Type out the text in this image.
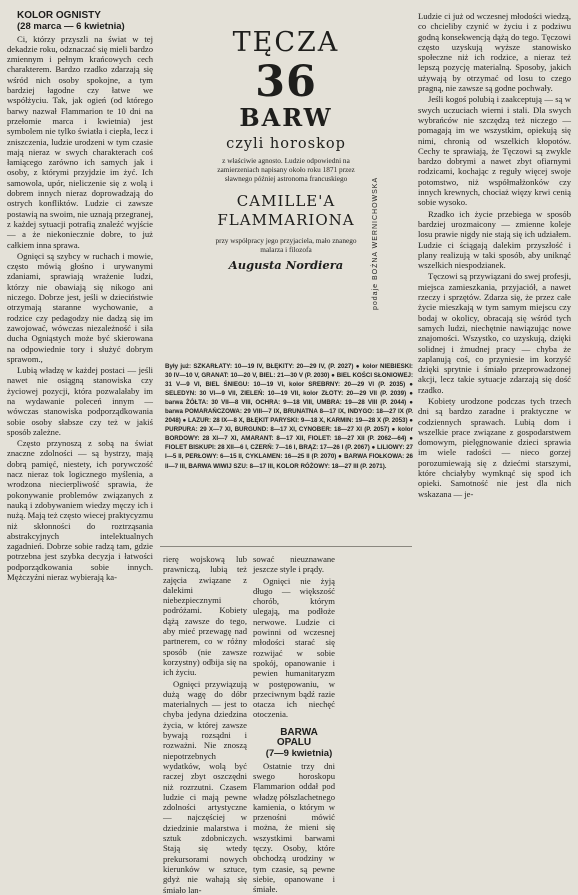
KOLOR OGNISTY

(28 marca — 6 kwietnia)

Ci, którzy przyszli na świat w tej dekadzie roku, odznaczać się mieli bardzo zmiennym i pełnym krańcowych cech charakterem. Bardzo rzadko zdarzają się wśród nich osoby spokojne, a tym bardziej łagodne czy łatwe we współżyciu. Tak, jak ogień (od którego barwy nazwał Flammarion te 10 dni na przełomie marca i kwietnia) jest symbolem nie tylko światła i ciepła, lecz i zniszczenia, ludzie urodzeni w tym czasie mają nieraz w swych charakterach coś łamiącego zarówno ich samych jak i osoby, z którymi przyjdzie im żyć. Ich samowola, upór, nieliczenie się z wolą i dobrem innych nieraz doprowadzają do ostrych konfliktów. Ludzie ci zawsze postawią na swoim, nie uznają przegranej, z każdej sytuacji potrafią znaleźć wyjście — a że niekoniecznie dobre, to już całkiem inna sprawa.

Ognięci są szybcy w ruchach i mowie, często mówią głośno i urywanymi zdaniami, sprawiają wrażenie ludzi, którzy nie obawiają się nikogo ani niczego. Dobrze jest, jeśli w dzieciństwie otrzymają staranne wychowanie, a rodzice czy pedagodzy nie dadzą się im zawojować, wówczas niezależność i siła ducha Ogniąstych może być skierowana na odpowiednie tory i służyć dobrym sprawom.,

Lubią władzę w każdej postaci — jeśli nawet nie osiągną stanowiska czy życiowej pozycji, która pozwalałaby im na wydawanie poleceń innym — wówczas stanowiska podporządkowania sobie osoby słabsze czy też w jakiś sposób zależne.

Często przynoszą z sobą na świat znaczne zdolności — są bystrzy, mają dobrą pamięć, niestety, ich porywczość nacz nieraz tok logicznego myślenia, a wrodzona niecierpliwość sprawia, że pokonywanie problemów związanych z nauką i zdobywaniem wiedzy męczy ich i nużą. Mają też często wiecej praktycyzmu niż skłonności do roztrząsania abstrakcyjnych intelektualnych zagadnień. Dobrze sobie radzą tam, gdzie potrzebna jest szybka decyzja i łatwości podporządkowania sobie innych. Mężczyźni nieraz wybierają ka-

TĘCZA
36
BARW
czyli horoskop
z właściwie agnosto. Ludzie odpowiedni na zamierzeniach napisany około roku 1871 przez sławnego później astronoma francuskiego
CAMILLE'A
FLAMMARIONA
przy współpracy jego przyjaciela, mało znanego malarza i filozofa
Augusta Nordiera	podaje BOŻNA WERNICHOWSKA
Były już: SZKARŁATY: 10—19 IV, BŁĘKITY: 20—29 IV, (P. 2027) ● kolor NIEBIESKI: 30 IV—10 V, GRANAT: 10—20 V, BIEL: 21—30 V (P. 2030) ● BIEL KOŚCI SŁONIOWEJ: 31 V—9 VI, BIEL ŚNIEGU: 10—19 VI, kolor SREBRNY: 20—29 VI (P. 2035) ● SELEDYN: 30 VI—9 VII, ZIELEŃ: 10—19 VII, kolor ZŁOTY: 20—29 VII (P. 2039) ● barwa ŻÓŁTA: 30 VII—8 VIII, OCHRA: 9—18 VIII, UMBRA: 19—28 VIII (P. 2044) ● barwa POMARAŃCZOWA: 29 VIII—7 IX, BRUNATNA 8—17 IX, INDYGO: 18—27 IX (P. 2048) ● LAZUR: 28 IX—8 X, BŁĘKIT PARYSKI: 9—18 X, KARMIN: 19—28 X (P. 2053) ● PURPURA: 29 X—7 XI, BURGUND: 8—17 XI, CYNOBER: 18—27 XI (P. 2057) ● kolor BORDOWY: 28 XI—7 XI, AMARANT: 8—17 XII, FIOLET: 18—27 XII (P. 2062—64) ● FIOLET BISKUPI: 28 XII—6 I, CZERŃ: 7—16 I, BRĄZ: 17—26 I (P. 2067) ● LILIOWY: 27 I—5 II, PERŁOWY: 6—15 II, CYKLAMEN: 16—25 II (P. 2070) ● BARWA FIOŁKOWA: 26 II—7 III, BARWA WIWIJ SZU: 8—17 III, KOLOR RÓŻOWY: 18—27 III (P. 2071).

rierę wojskową lub prawniczą, lubią też zajęcia związane z dalekimi niebezpiecznymi podróżami. Kobiety dążą zawsze do tego, aby mieć przewagę nad partnerem, co w różny sposób (nie zawsze korzystny) odbija się na ich życiu.

Ognięci przywiązują dużą wagę do dóbr materialnych — jest to chyba jedyna dziedzina życia, w której zawsze bywają rozsądni i rozważni. Nie znoszą niepotrzebnych wydatków, wolą być raczej zbyt oszczędni niż rozrzutni. Czasem ludzie ci mają pewne zdolności artystyczne — najczęściej w dziedzinie malarstwa i sztuk zdobniczych. Stają się wtedy prekursorami nowych kierunków w sztuce, gdyż nie wahają się śmiało lan-

sować nieuznawane jeszcze style i prądy.

Ognięci nie żyją długo — większość chorób, którym ulegają, ma podłoże nerwowe. Ludzie ci powinni od wczesnej młodości starać się rozwijać w sobie spokój, opanowanie i pewien humanitaryzm w postępowaniu, w przeciwnym bądź razie otacza ich niechęć otoczenia.

BARWA OPALU

(7—9 kwietnia)

Ostatnie trzy dni swego horoskopu Flammarion oddał pod władzę półszlachetnego kamienia, o którym w przenośni mówić można, że mieni się wszystkimi barwami tęczy. Osoby, które obchodzą urodziny w tym czasie, są pewne siebie, opanowane i śmiałe.

Ludzie ci już od wczesnej młodości wiedzą, co chcieliby czynić w życiu i z podziwu godną konsekwencją dążą do tego. Tęczowi często uzyskują wyższe stanowisko społeczne niż ich rodzice, a nieraz też lepszą pozycję materialną. Sposoby, jakich używają by otrzymać od losu to czego pragną, nie zawsze są godne pochwały.

Jeśli kogoś polubią i zaakceptują — są w swych uczuciach wierni i stali. Dla swych wybrańców nie szczędzą też niczego — pomagają im we wszystkim, opiekują się nimi, chronią od wszelkich kłopotów. Cechy te sprawiają, że Tęczowi są zwykle bardzo dobrymi a nawet zbyt ofiarnymi rodzicami, kochając z reguły więcej swoje potomstwo, niż współmałżonków czy innych krewnych, chociaż więzy krwi cenią sobie wysoko.

Rzadko ich życie przebiega w sposób bardziej urozmaicony — zmienne koleje losu prawie nigdy nie stają się ich udziałem. Ludzie ci ściągają dalekim przyszłość i plany realizują w taki sposób, aby uniknąć wszelkich niespodzianek.

Tęczowi są przywiązani do swej profesji, miejsca zamieszkania, przyjaciół, a nawet rzeczy i sprzętów. Zdarza się, że przez całe życie mieszkają w tym samym miejscu czy bodaj w okolicy, obracają się wśród tych samych ludzi, niechętnie nawiązując nowe znajomości. Wszystko, co uzyskują, dzięki solidnej i żmudnej pracy — chyba że zaplanują coś, co przyniesie im korzyść dzięki sprytnie i śmiało przeprowadzonej akcji, lecz takie sytuacje zdarzają się dość rzadko.

Kobiety urodzone podczas tych trzech dni są bardzo zaradne i praktyczne w codziennych sprawach. Lubią dom i wszelkie prace związane z gospodarstwem domowym, pielęgnowanie dzieci sprawia im wiele radości — nieco gorzej porozumiewają się z dziećmi starszymi, które chciałyby wymknąć się spod ich opieki. Samotność nie jest dla nich wskazana — je-
